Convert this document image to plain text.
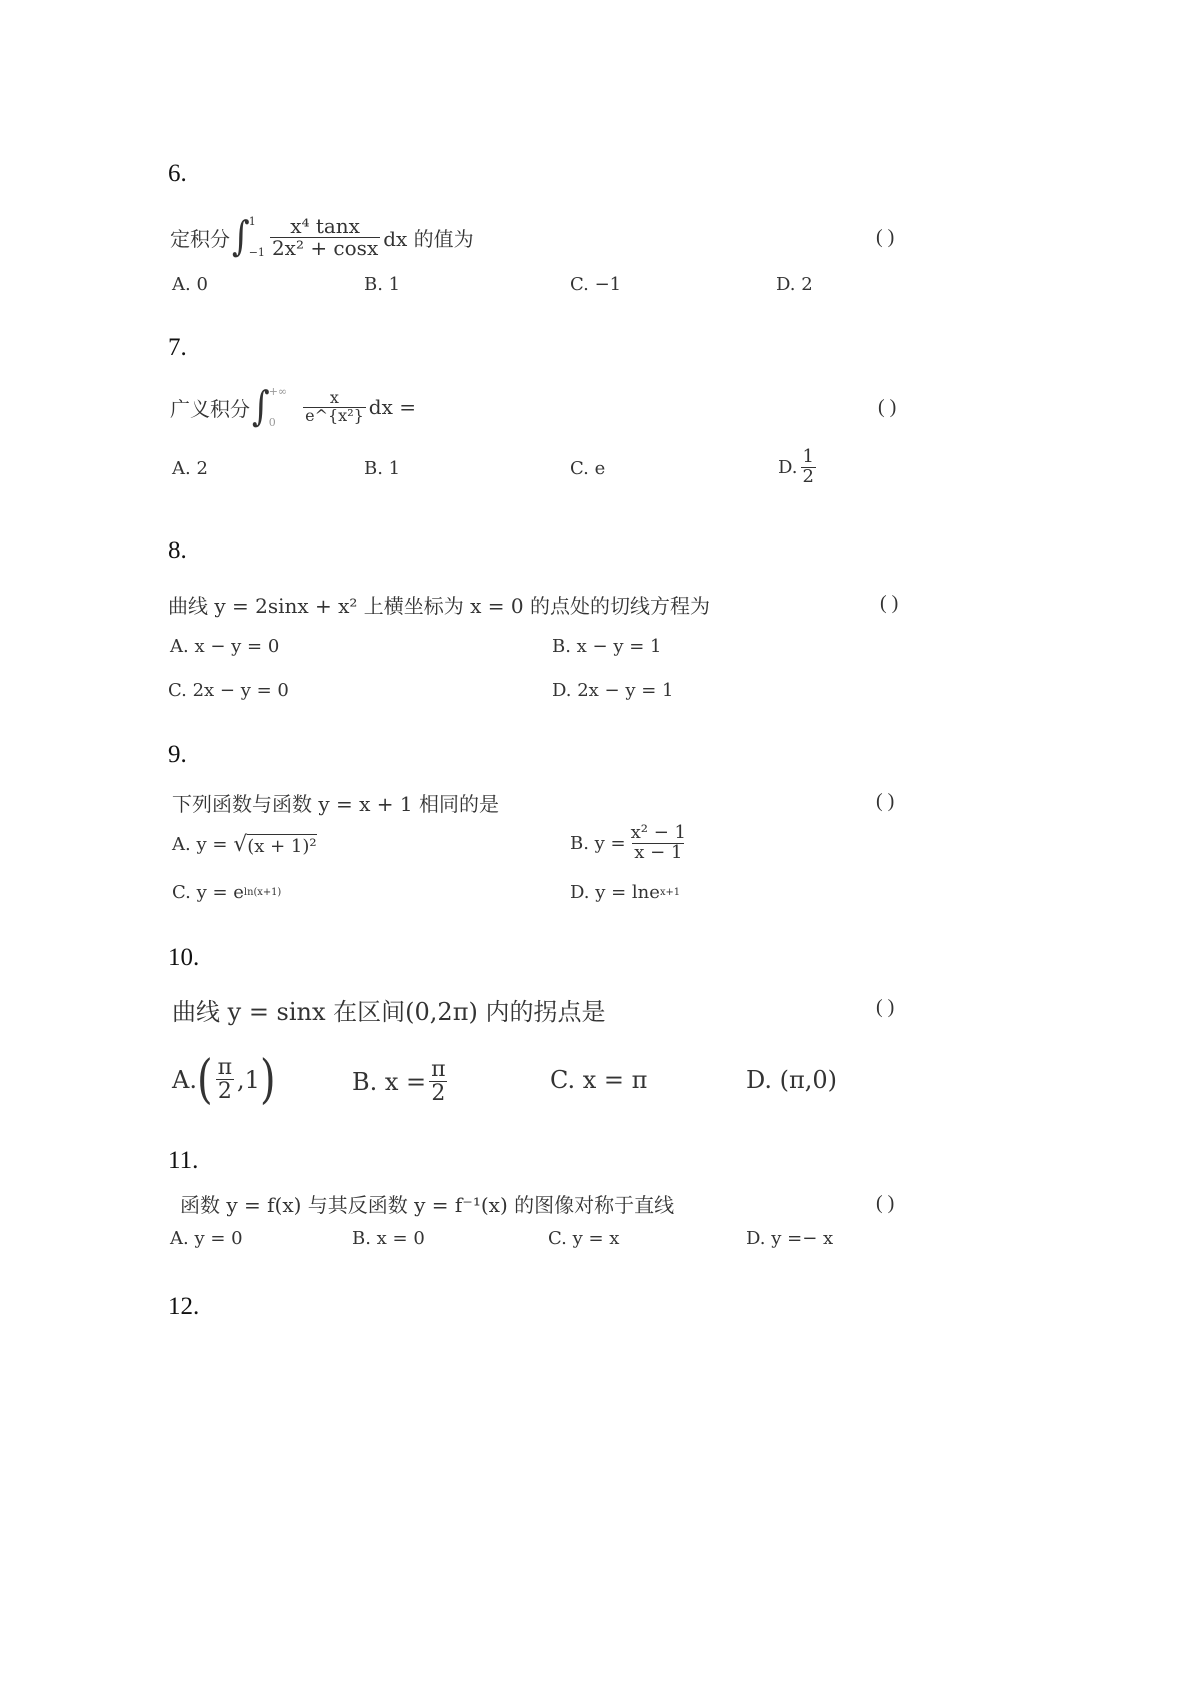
6.
定积分 ∫ 1
$-1 \frac{\text{x⁴ tanx}}{\text{2x² + cosx}}$ dx 的值为	( )
A. 0	B. 1	C. −1	D. 2
7.
广义积分 ∫ +∞
0	$\frac{x}{\text{e\textasciicircum{}\{x²\}}}$ dx =	( )
A. 2	B. 1	C. e	D. $\frac{1}{2}$
8.
曲线 y = 2sinx + x² 上横坐标为 x = 0 的点处的切线方程为	( )
A. x − y = 0	B. x − y = 1
C. 2x − y = 0	D. 2x − y = 1
9.
下列函数与函数 y = x + 1 相同的是	( )
A. y = √ (x + 1)²	B. $y = \frac{\text{x² − 1}}{x - 1}$
C. y = e ln(x+1)	D. y = lne x+1
10.
曲线 y = sinx 在区间(0,2π) 内的拐点是	( )
A. ( $\frac{\pi}{2} ,1$ )	B. $x = \frac{\pi}{2}$	C. x = π	D. (π,0)
11.
函数 y = f(x) 与其反函数 y = f⁻¹(x) 的图像对称于直线	( )
A. y = 0	B. x = 0	C. y = x	D. y =− x
12.
